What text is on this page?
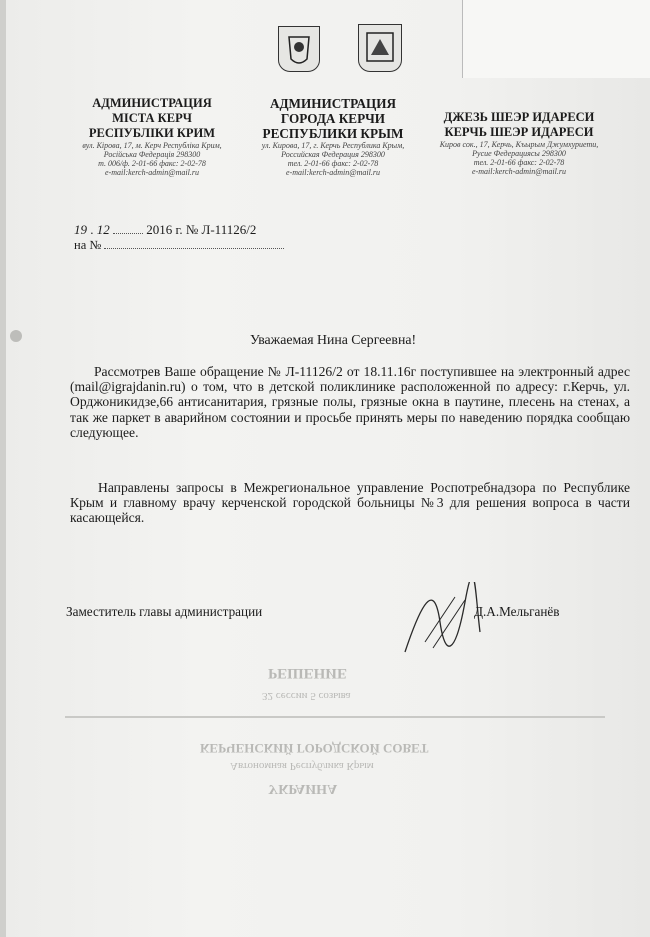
РЕШЕНИЕ
32 сессии 5 созыва
КЕРЧЕНСКИЙ ГОРОДСКОЙ СОВЕТ
Автономная Республика Крым
УКРАИНА
АДМИНИСТРАЦИЯ МІСТА КЕРЧ РЕСПУБЛІКИ КРИМ
вул. Кірова, 17, м. Керч Республіка Крим, Російська Федерація 298300
т. 006/ф. 2-01-66 факс: 2-02-78
e-mail:kerch-admin@mail.ru
АДМИНИСТРАЦИЯ ГОРОДА КЕРЧИ РЕСПУБЛИКИ КРЫМ
ул. Кирова, 17, г. Керчь Республика Крым, Российская Федерация 298300
тел. 2-01-66 факс: 2-02-78
e-mail:kerch-admin@mail.ru
ДЖЕЗЬ ШЕЭР ИДАРЕСИ КЕРЧЬ ШЕЭР ИДАРЕСИ
Киров сок., 17, Керчь, Къырым Джумхуриети, Русие Федерациясы 298300
тел. 2-01-66 факс: 2-02-78
e-mail:kerch-admin@mail.ru
19 . 12	2016 г. № Л-11126/2
на №
Уважаемая Нина Сергеевна!
Рассмотрев Ваше обращение № Л-11126/2 от 18.11.16г поступившее на электронный адрес (mail@igrajdanin.ru) о том, что в детской поликлинике расположенной по адресу: г.Керчь, ул. Орджоникидзе,66 антисанитария, грязные полы, грязные окна в паутине, плесень на стенах, а так же паркет в аварийном состоянии и просьбе принять меры по наведению порядка сообщаю следующее.
Направлены запросы в Межрегиональное управление Роспотребнадзора по Республике Крым и главному врачу керченской городской больницы №3 для решения вопроса в части касающейся.
Заместитель главы администрации	Д.А.Мельганёв
